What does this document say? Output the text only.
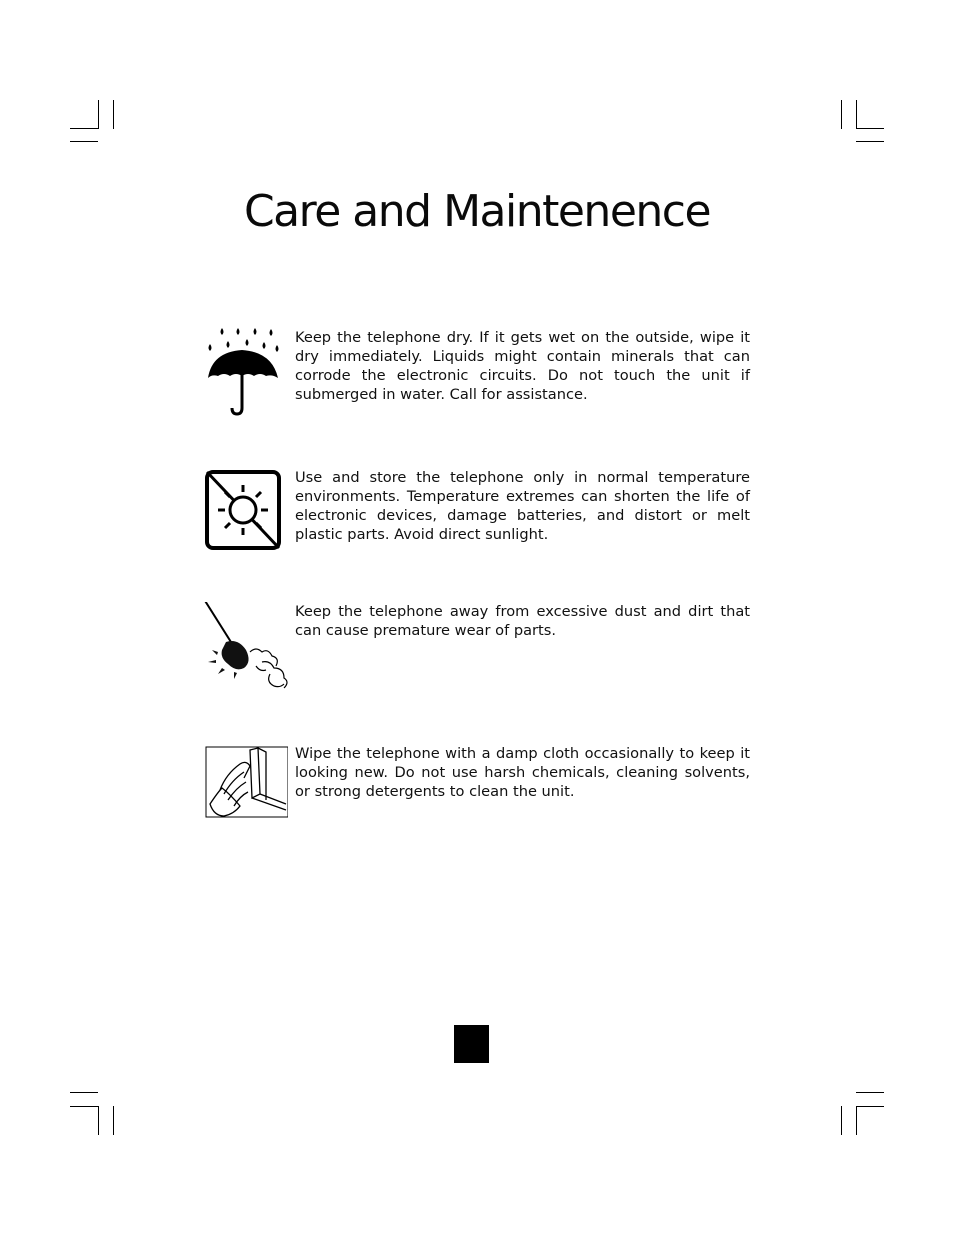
Care and Maintenence

Keep the telephone dry. If it gets wet on the outside, wipe it dry immediately. Liquids might contain minerals that can corrode the electronic circuits. Do not touch the unit if submerged in water. Call for assistance.

Use and store the telephone only in normal temperature environments. Temperature extremes can shorten the life of electronic devices, damage batteries, and distort or melt plastic parts. Avoid direct sunlight.

Keep the telephone away from excessive dust and dirt that can cause premature wear of parts.

Wipe the telephone with a damp cloth occasionally to keep it looking new. Do not use harsh chemicals, cleaning solvents, or strong detergents to clean the unit.
